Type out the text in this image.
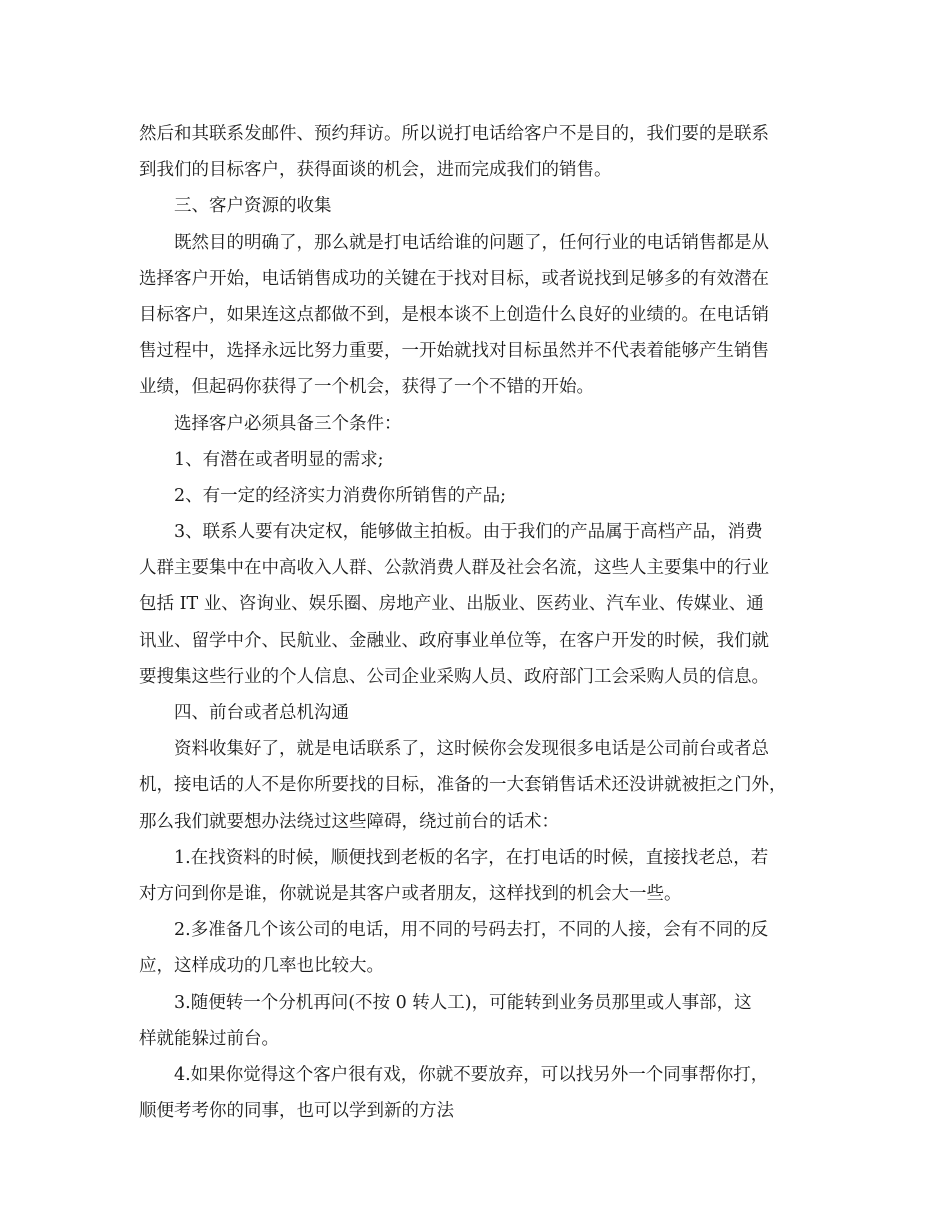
然后和其联系发邮件、预约拜访。所以说打电话给客户不是目的，我们要的是联系
到我们的目标客户，获得面谈的机会，进而完成我们的销售。
三、客户资源的收集
既然目的明确了，那么就是打电话给谁的问题了，任何行业的电话销售都是从
选择客户开始，电话销售成功的关键在于找对目标，或者说找到足够多的有效潜在
目标客户，如果连这点都做不到，是根本谈不上创造什么良好的业绩的。在电话销
售过程中，选择永远比努力重要，一开始就找对目标虽然并不代表着能够产生销售
业绩，但起码你获得了一个机会，获得了一个不错的开始。
选择客户必须具备三个条件：
1、有潜在或者明显的需求;
2、有一定的经济实力消费你所销售的产品;
3、联系人要有决定权，能够做主拍板。由于我们的产品属于高档产品，消费
人群主要集中在中高收入人群、公款消费人群及社会名流，这些人主要集中的行业
包括 IT 业、咨询业、娱乐圈、房地产业、出版业、医药业、汽车业、传媒业、通
讯业、留学中介、民航业、金融业、政府事业单位等，在客户开发的时候，我们就
要搜集这些行业的个人信息、公司企业采购人员、政府部门工会采购人员的信息。
四、前台或者总机沟通
资料收集好了，就是电话联系了，这时候你会发现很多电话是公司前台或者总
机，接电话的人不是你所要找的目标，准备的一大套销售话术还没讲就被拒之门外，
那么我们就要想办法绕过这些障碍，绕过前台的话术：
1.在找资料的时候，顺便找到老板的名字，在打电话的时候，直接找老总，若
对方问到你是谁，你就说是其客户或者朋友，这样找到的机会大一些。
2.多准备几个该公司的电话，用不同的号码去打，不同的人接，会有不同的反
应，这样成功的几率也比较大。
3.随便转一个分机再问(不按 0 转人工)，可能转到业务员那里或人事部，这
样就能躲过前台。
4.如果你觉得这个客户很有戏，你就不要放弃，可以找另外一个同事帮你打，
顺便考考你的同事，也可以学到新的方法
